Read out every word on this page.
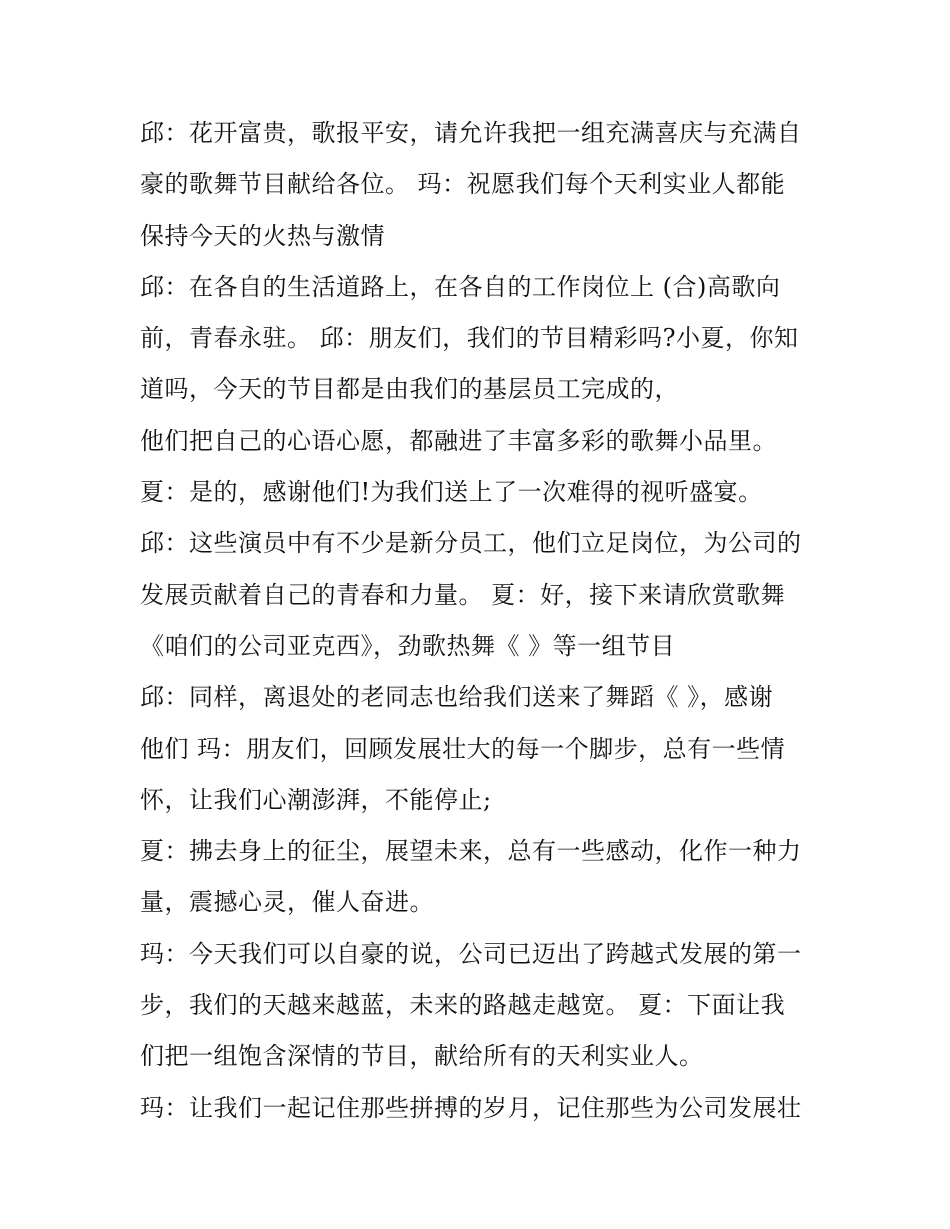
邱：花开富贵，歌报平安，请允许我把一组充满喜庆与充满自
豪的歌舞节目献给各位。 玛：祝愿我们每个天利实业人都能
保持今天的火热与激情
邱：在各自的生活道路上，在各自的工作岗位上 (合)高歌向
前，青春永驻。 邱：朋友们，我们的节目精彩吗?小夏，你知
道吗，今天的节目都是由我们的基层员工完成的，
他们把自己的心语心愿，都融进了丰富多彩的歌舞小品里。
夏：是的，感谢他们!为我们送上了一次难得的视听盛宴。
邱：这些演员中有不少是新分员工，他们立足岗位，为公司的
发展贡献着自己的青春和力量。 夏：好，接下来请欣赏歌舞
《咱们的公司亚克西》，劲歌热舞《 》等一组节目
邱：同样，离退处的老同志也给我们送来了舞蹈《 》，感谢
他们 玛：朋友们，回顾发展壮大的每一个脚步，总有一些情
怀，让我们心潮澎湃，不能停止;
夏：拂去身上的征尘，展望未来，总有一些感动，化作一种力
量，震撼心灵，催人奋进。
玛：今天我们可以自豪的说，公司已迈出了跨越式发展的第一
步，我们的天越来越蓝，未来的路越走越宽。 夏：下面让我
们把一组饱含深情的节目，献给所有的天利实业人。
玛：让我们一起记住那些拼搏的岁月，记住那些为公司发展壮
